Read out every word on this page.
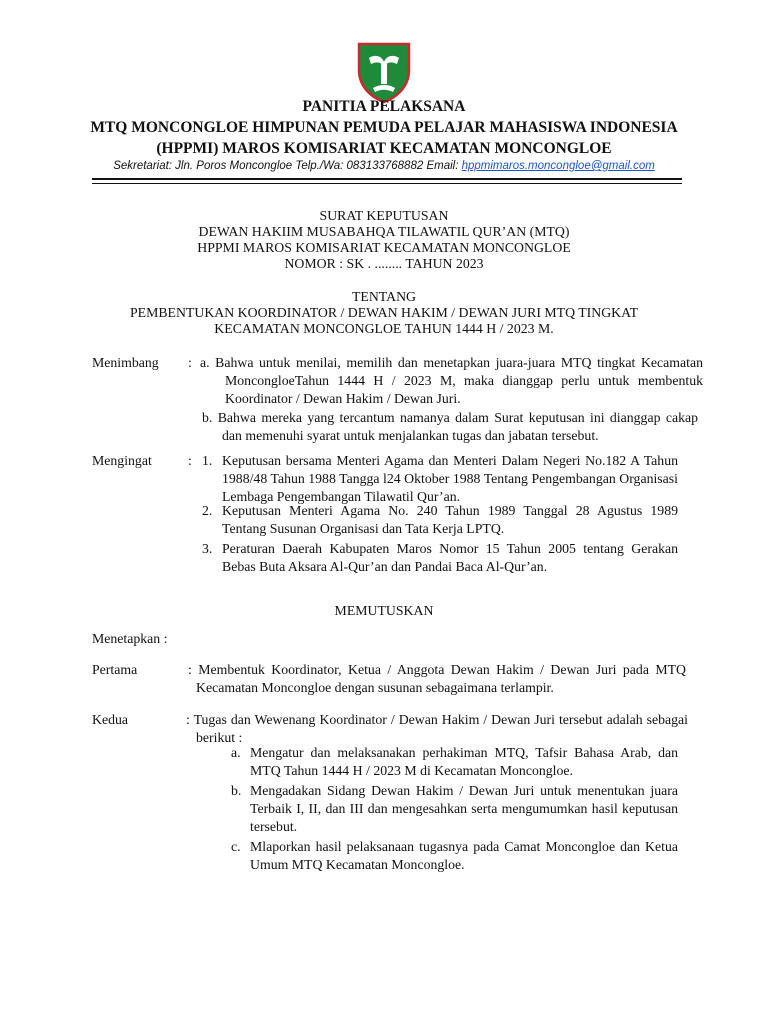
PANITIA PELAKSANA
MTQ MONCONGLOE HIMPUNAN PEMUDA PELAJAR MAHASISWA INDONESIA
(HPPMI) MAROS KOMISARIAT KECAMATAN MONCONGLOE
Sekretariat: Jln. Poros Moncongloe Telp./Wa: 083133768882 Email: hppmimaros.moncongloe@gmail.com
SURAT KEPUTUSAN
DEWAN HAKIIM MUSABAHQA TILAWATIL QUR’AN (MTQ)
HPPMI MAROS KOMISARIAT KECAMATAN MONCONGLOE
NOMOR : SK . ........ TAHUN 2023
TENTANG
PEMBENTUKAN KOORDINATOR / DEWAN HAKIM / DEWAN JURI MTQ TINGKAT
KECAMATAN MONCONGLOE TAHUN 1444 H / 2023 M.
Menimbang : a. Bahwa untuk menilai, memilih dan menetapkan juara-juara MTQ tingkat Kecamatan MoncongloeTahun 1444 H / 2023 M, maka dianggap perlu untuk membentuk Koordinator / Dewan Hakim / Dewan Juri.
b. Bahwa mereka yang tercantum namanya dalam Surat keputusan ini dianggap cakap dan memenuhi syarat untuk menjalankan tugas dan jabatan tersebut.
Mengingat	: 1. Keputusan bersama Menteri Agama dan Menteri Dalam Negeri No.182 A Tahun 1988/48 Tahun 1988 Tangga l24 Oktober 1988 Tentang Pengembangan Organisasi Lembaga Pengembangan Tilawatil Qur’an.
2. Keputusan Menteri Agama No. 240 Tahun 1989 Tanggal 28 Agustus 1989 Tentang Susunan Organisasi dan Tata Kerja LPTQ.
3. Peraturan Daerah Kabupaten Maros Nomor 15 Tahun 2005 tentang Gerakan Bebas Buta Aksara Al-Qur’an dan Pandai Baca Al-Qur’an.
MEMUTUSKAN
Menetapkan :
Pertama	: Membentuk Koordinator, Ketua / Anggota Dewan Hakim / Dewan Juri pada MTQ Kecamatan Moncongloe dengan susunan sebagaimana terlampir.
Kedua	: Tugas dan Wewenang Koordinator / Dewan Hakim / Dewan Juri tersebut adalah sebagai berikut :
a. Mengatur dan melaksanakan perhakiman MTQ, Tafsir Bahasa Arab, dan MTQ Tahun 1444 H / 2023 M di Kecamatan Moncongloe.
b. Mengadakan Sidang Dewan Hakim / Dewan Juri untuk menentukan juara Terbaik I, II, dan III dan mengesahkan serta mengumumkan hasil keputusan tersebut.
c. Mlaporkan hasil pelaksanaan tugasnya pada Camat Moncongloe dan Ketua Umum MTQ Kecamatan Moncongloe.
